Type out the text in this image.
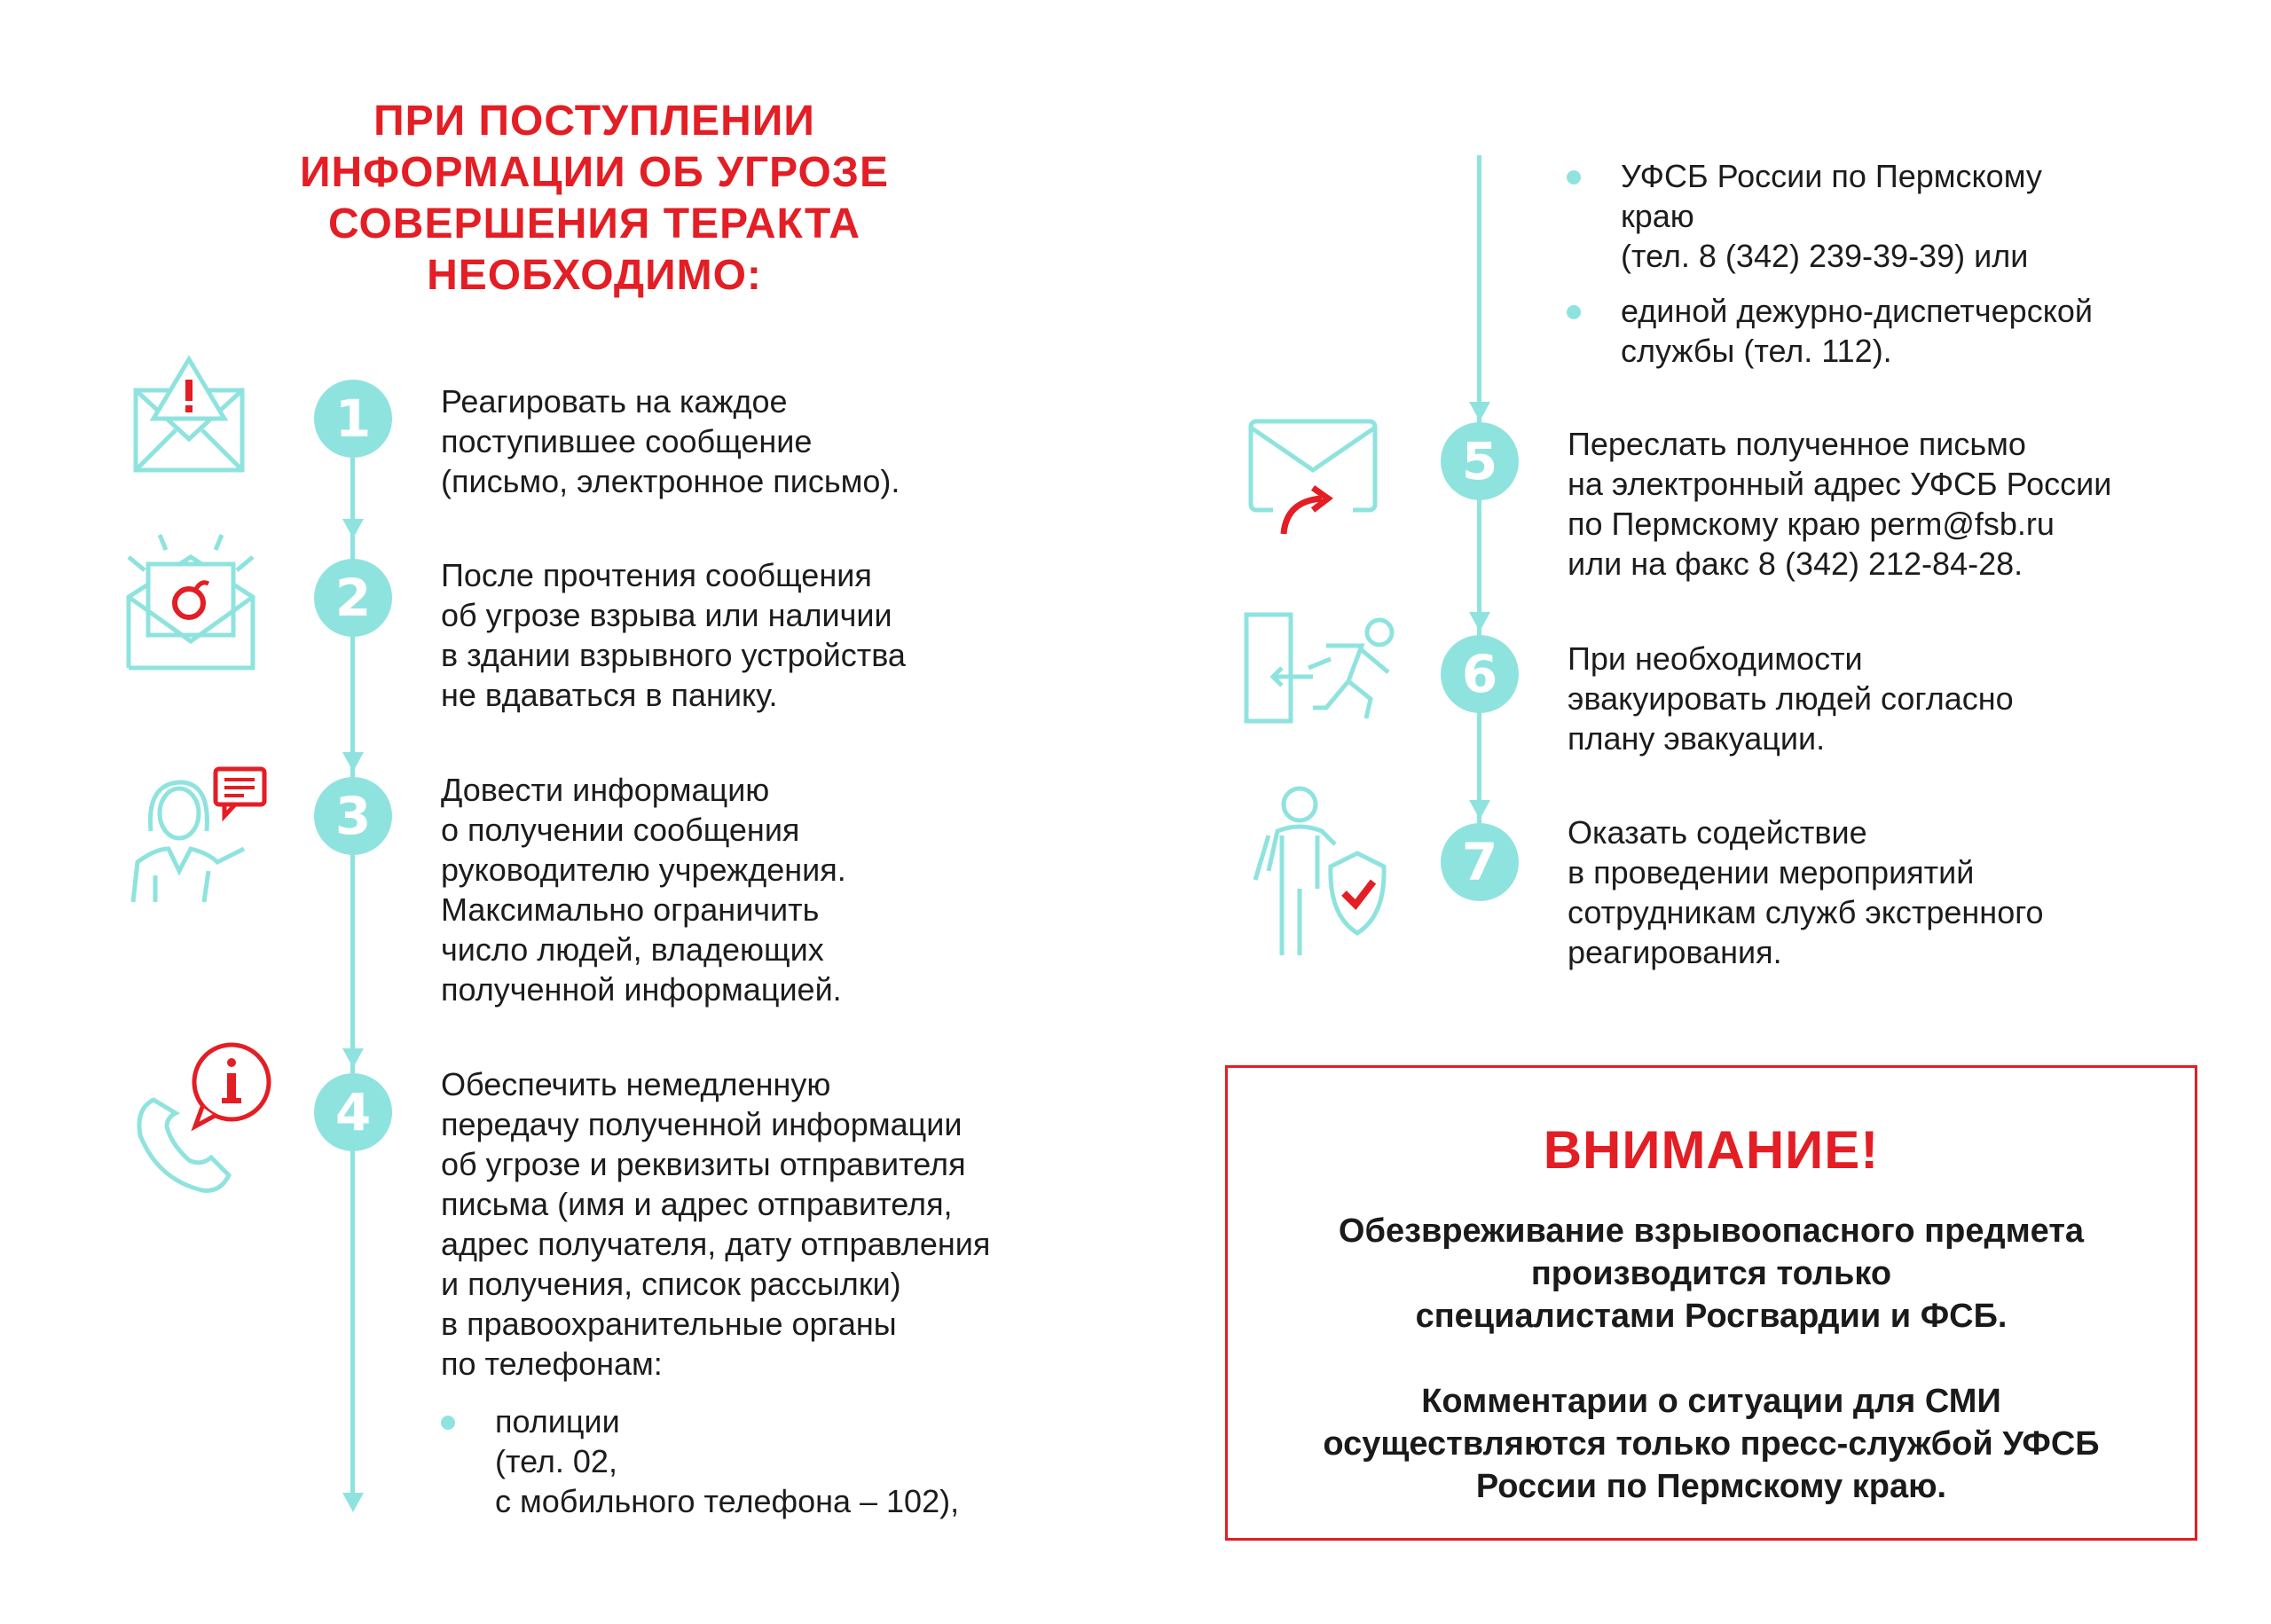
ПРИ ПОСТУПЛЕНИИ
ИНФОРМАЦИИ ОБ УГРОЗЕ
СОВЕРШЕНИЯ ТЕРАКТА
НЕОБХОДИМО:
1
2
3
4
Реагировать на каждое
поступившее сообщение
(письмо, электронное письмо).
После прочтения сообщения
об угрозе взрыва или наличии
в здании взрывного устройства
не вдаваться в панику.
Довести информацию
о получении сообщения
руководителю учреждения.
Максимально ограничить
число людей, владеющих
полученной информацией.
Обеспечить немедленную
передачу полученной информации
об угрозе и реквизиты отправителя
письма (имя и адрес отправителя,
адрес получателя, дату отправления
и получения, список рассылки)
в правоохранительные органы
по телефонам:
полиции
(тел. 02,
с мобильного телефона – 102),
УФСБ России по Пермскому
краю
(тел. 8 (342) 239-39-39) или
единой дежурно-диспетчерской
службы (тел. 112).
5
6
7
Переслать полученное письмо
на электронный адрес УФСБ России
по Пермскому краю perm@fsb.ru
или на факс 8 (342) 212-84-28.
При необходимости
эвакуировать людей согласно
плану эвакуации.
Оказать содействие
в проведении мероприятий
сотрудникам служб экстренного
реагирования.
ВНИМАНИЕ!
Обезвреживание взрывоопасного предмета
производится только
специалистами Росгвардии и ФСБ.
Комментарии о ситуации для СМИ
осуществляются только пресс-службой УФСБ
России по Пермскому краю.
